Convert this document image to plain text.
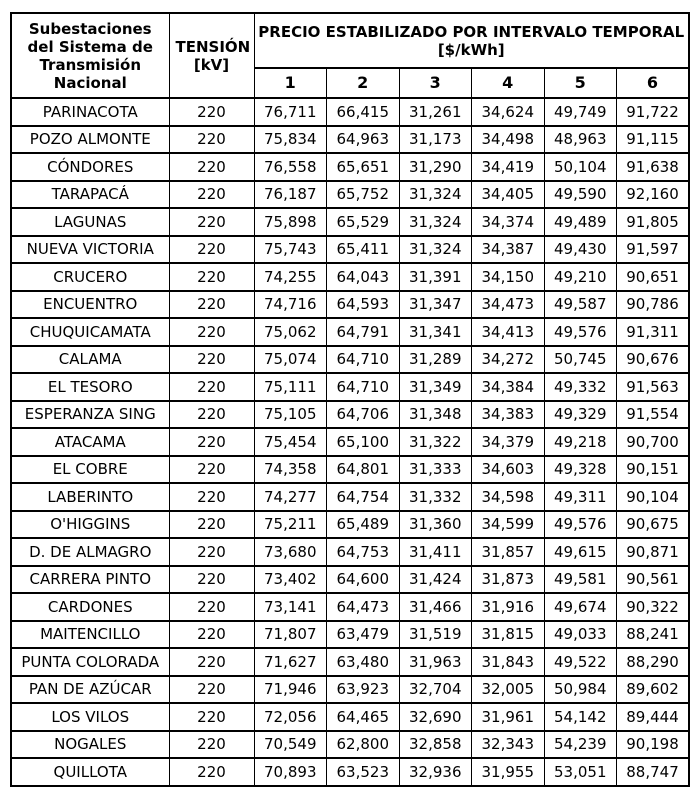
Subestaciones del Sistema de Transmisión Nacional	TENSIÓN [kV]	PRECIO ESTABILIZADO POR INTERVALO TEMPORAL [$/kWh]					
		1	2	3	4	5	6
PARINACOTA	220	76,711	66,415	31,261	34,624	49,749	91,722
POZO ALMONTE	220	75,834	64,963	31,173	34,498	48,963	91,115
CÓNDORES	220	76,558	65,651	31,290	34,419	50,104	91,638
TARAPACÁ	220	76,187	65,752	31,324	34,405	49,590	92,160
LAGUNAS	220	75,898	65,529	31,324	34,374	49,489	91,805
NUEVA VICTORIA	220	75,743	65,411	31,324	34,387	49,430	91,597
CRUCERO	220	74,255	64,043	31,391	34,150	49,210	90,651
ENCUENTRO	220	74,716	64,593	31,347	34,473	49,587	90,786
CHUQUICAMATA	220	75,062	64,791	31,341	34,413	49,576	91,311
CALAMA	220	75,074	64,710	31,289	34,272	50,745	90,676
EL TESORO	220	75,111	64,710	31,349	34,384	49,332	91,563
ESPERANZA SING	220	75,105	64,706	31,348	34,383	49,329	91,554
ATACAMA	220	75,454	65,100	31,322	34,379	49,218	90,700
EL COBRE	220	74,358	64,801	31,333	34,603	49,328	90,151
LABERINTO	220	74,277	64,754	31,332	34,598	49,311	90,104
O'HIGGINS	220	75,211	65,489	31,360	34,599	49,576	90,675
D. DE ALMAGRO	220	73,680	64,753	31,411	31,857	49,615	90,871
CARRERA PINTO	220	73,402	64,600	31,424	31,873	49,581	90,561
CARDONES	220	73,141	64,473	31,466	31,916	49,674	90,322
MAITENCILLO	220	71,807	63,479	31,519	31,815	49,033	88,241
PUNTA COLORADA	220	71,627	63,480	31,963	31,843	49,522	88,290
PAN DE AZÚCAR	220	71,946	63,923	32,704	32,005	50,984	89,602
LOS VILOS	220	72,056	64,465	32,690	31,961	54,142	89,444
NOGALES	220	70,549	62,800	32,858	32,343	54,239	90,198
QUILLOTA	220	70,893	63,523	32,936	31,955	53,051	88,747
